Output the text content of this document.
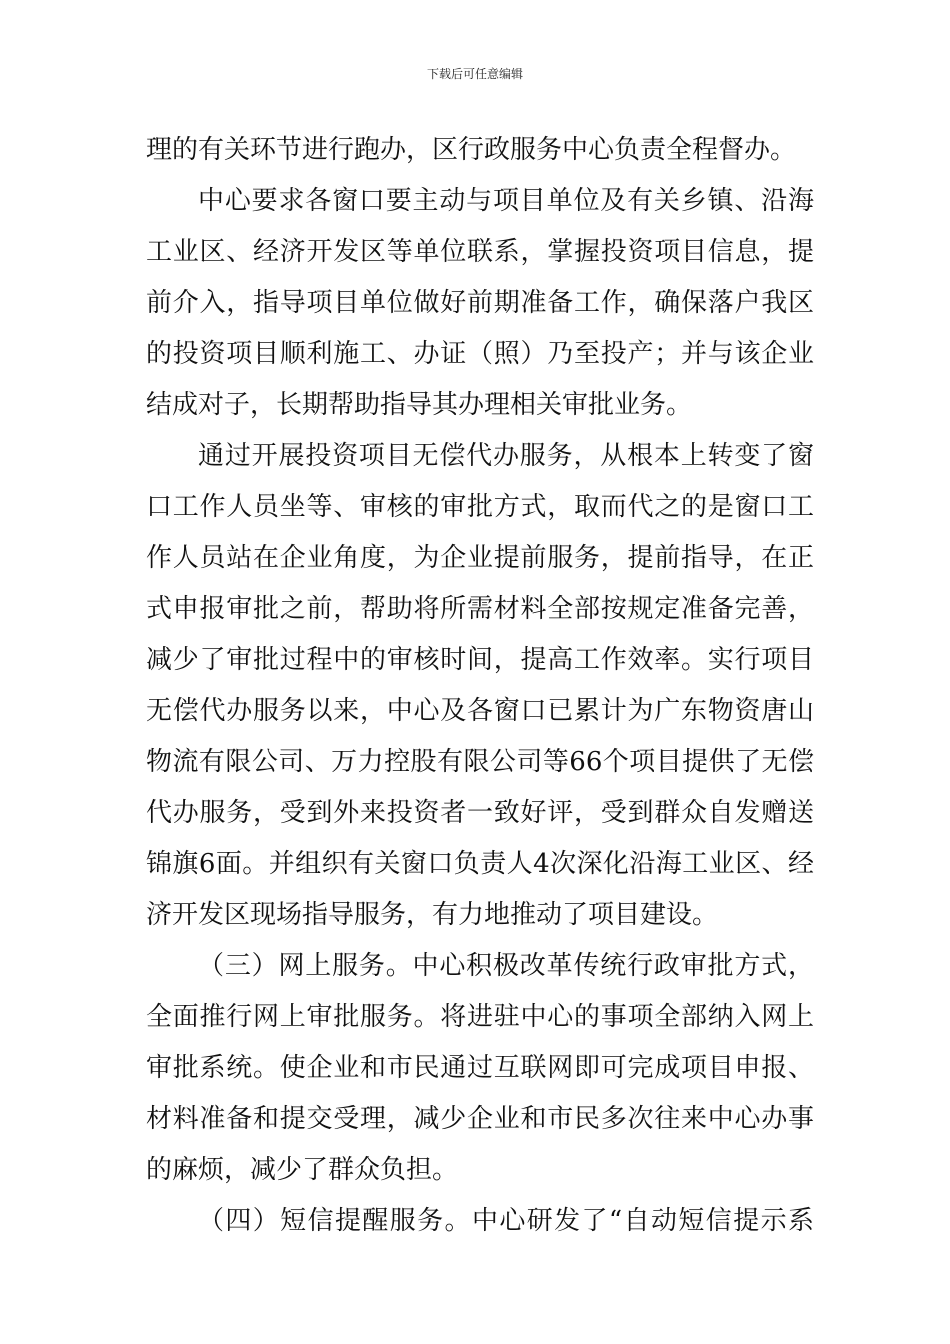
下载后可任意编辑
理的有关环节进行跑办，区行政服务中心负责全程督办。
中心要求各窗口要主动与项目单位及有关乡镇、沿海
工业区、经济开发区等单位联系，掌握投资项目信息，提
前介入，指导项目单位做好前期准备工作，确保落户我区
的投资项目顺利施工、办证（照）乃至投产；并与该企业
结成对子，长期帮助指导其办理相关审批业务。
通过开展投资项目无偿代办服务，从根本上转变了窗
口工作人员坐等、审核的审批方式，取而代之的是窗口工
作人员站在企业角度，为企业提前服务，提前指导，在正
式申报审批之前，帮助将所需材料全部按规定准备完善，
减少了审批过程中的审核时间，提高工作效率。实行项目
无偿代办服务以来，中心及各窗口已累计为广东物资唐山
物流有限公司、万力控股有限公司等66个项目提供了无偿
代办服务，受到外来投资者一致好评，受到群众自发赠送
锦旗6面。并组织有关窗口负责人4次深化沿海工业区、经
济开发区现场指导服务，有力地推动了项目建设。
（三）网上服务。中心积极改革传统行政审批方式，
全面推行网上审批服务。将进驻中心的事项全部纳入网上
审批系统。使企业和市民通过互联网即可完成项目申报、
材料准备和提交受理，减少企业和市民多次往来中心办事
的麻烦，减少了群众负担。
（四）短信提醒服务。中心研发了“自动短信提示系
